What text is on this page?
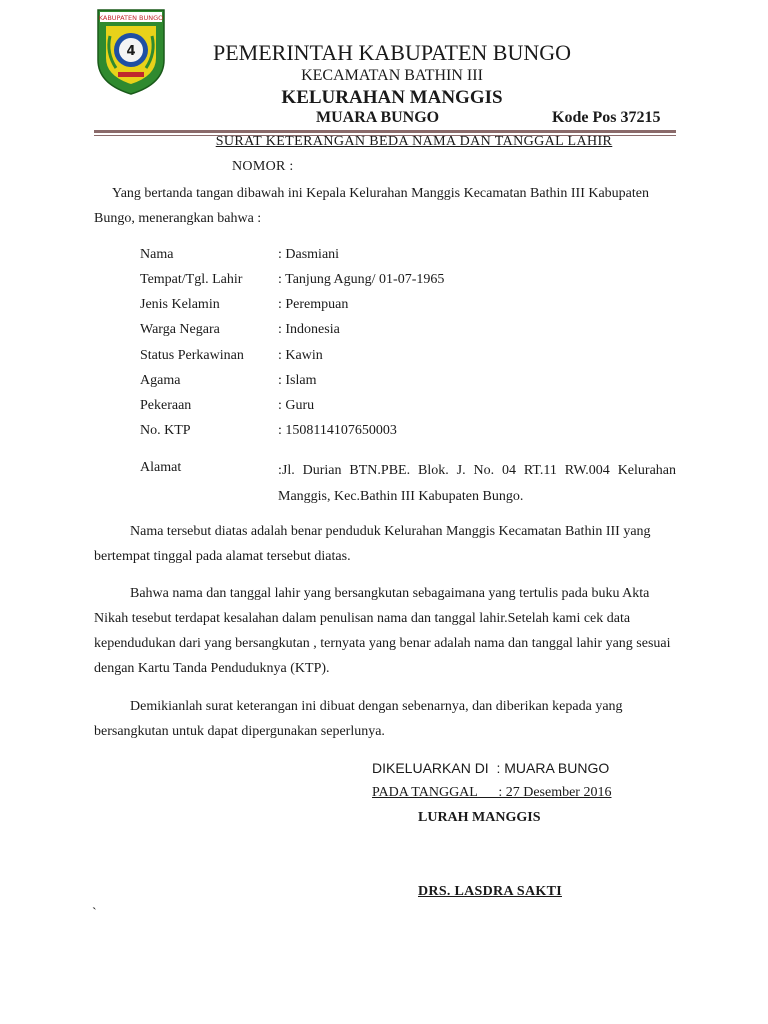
KABUPATEN BUNGO
4	PEMERINTAH KABUPATEN BUNGO
KECAMATAN BATHIN III
KELURAHAN MANGGIS
MUARA BUNGO	Kode Pos 37215
SURAT KETERANGAN BEDA NAMA DAN TANGGAL LAHIR
NOMOR :
Yang bertanda tangan dibawah ini Kepala Kelurahan Manggis Kecamatan Bathin III Kabupaten Bungo, menerangkan bahwa :
Nama	: Dasmiani
Tempat/Tgl. Lahir	: Tanjung Agung/ 01-07-1965
Jenis Kelamin	: Perempuan
Warga Negara	: Indonesia
Status Perkawinan : Kawin
Agama	: Islam
Pekeraan	: Guru
No. KTP	: 1508114107650003
Alamat	:Jl. Durian BTN.PBE. Blok. J. No. 04 RT.11 RW.004 Kelurahan Manggis, Kec.Bathin III Kabupaten Bungo.
Nama tersebut diatas adalah benar penduduk Kelurahan Manggis Kecamatan Bathin III yang bertempat tinggal pada alamat tersebut diatas.
Bahwa nama dan tanggal lahir yang bersangkutan sebagaimana yang tertulis pada buku Akta Nikah tesebut terdapat kesalahan dalam penulisan nama dan tanggal lahir.Setelah kami cek data kependudukan dari yang bersangkutan , ternyata yang benar adalah nama dan tanggal lahir yang sesuai dengan Kartu Tanda Penduduknya (KTP).
Demikianlah surat keterangan ini dibuat dengan sebenarnya, dan diberikan kepada yang bersangkutan untuk dapat dipergunakan seperlunya.
DIKELUARKAN DI  : MUARA BUNGO
PADA TANGGAL      : 27 Desember 2016
LURAH MANGGIS
DRS. LASDRA SAKTI
`
